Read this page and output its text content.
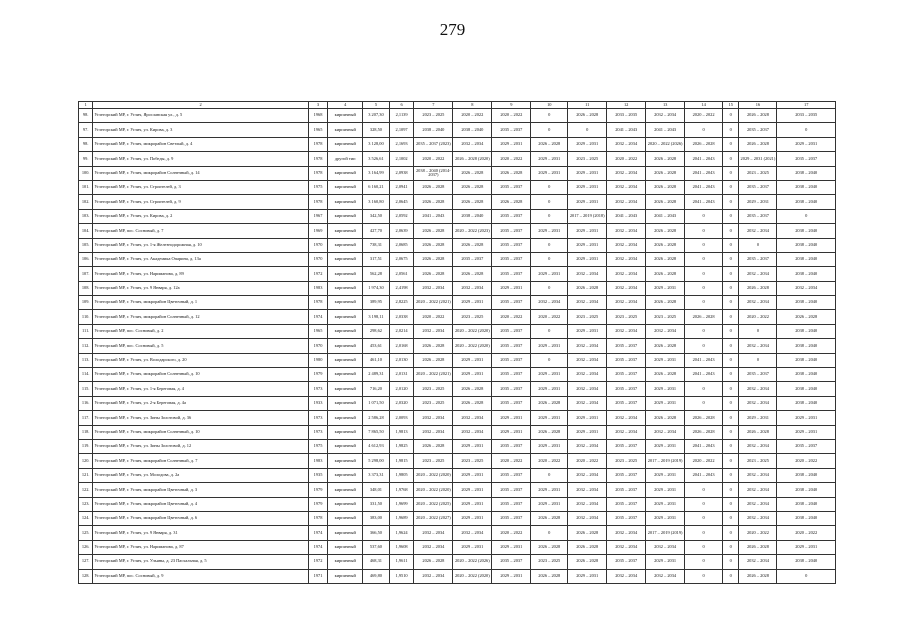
279
1	2	3	4	5	6	7	8	9	10	11	12	13	14	15	16	17
98.	Углегорский МР, г. Углич, Ярославская ул., д. 5	1968	кирпичный	3 207,30	2,1139	2023 – 2025	2020 – 2022	2020 – 2022	0	2026 – 2028	2033 – 2035	2032 – 2034	2020 – 2022	0	2026 – 2028	2033 – 2035
97.	Углегорский МР, г. Углич, ул. Кирова, д. 3	1965	кирпичный	328,50	2,1097	2038 – 2040	2038 – 2040	2035 – 2037	0	0	2041 – 2043	2041 – 2043	0	0	2035 – 2037	0
98.	Углегорский МР, г. Углич, микрорайон Светлый, д. 4	1978	кирпичный	3 128,00	2,1693	2035 – 2037 (2023)	2032 – 2034	2029 – 2031	2026 – 2028	2029 – 2031	2032 – 2034	2020 – 2022 (2026)	2026 – 2028	0	2026 – 2028	2029 – 2031
99.	Углегорский МР, г. Углич, ул. Победы, д. 9	1978	другой тип	3 526,61	2,1002	2020 – 2022	2026 – 2028 (2020)	2020 – 2022	2029 – 2031	2023 – 2025	2020 – 2022	2026 – 2028	2041 – 2043	0	2029 – 2031 (2021)	2035 – 2037
100.	Углегорский МР, г. Углич, микрорайон Солнечный, д. 14	1978	кирпичный	3 164,99	2,0938	2038 – 2040 (2014-2037)	2026 – 2028	2026 – 2028	2029 – 2031	2029 – 2031	2032 – 2034	2026 – 2028	2041 – 2043	0	2023 – 2025	2038 – 2040
101.	Углегорский МР, г. Углич, ул. Строителей, д. 3	1975	кирпичный	6 160,21	2,0941	2026 – 2028	2026 – 2028	2035 – 2037	0	2029 – 2031	2032 – 2034	2026 – 2028	2041 – 2043	0	2035 – 2037	2038 – 2040
102.	Углегорский МР, г. Углич, ул. Строителей, д. 9	1978	кирпичный	3 160,80	2,0645	2026 – 2028	2026 – 2028	2026 – 2028	0	2029 – 2031	2032 – 2034	2026 – 2028	2041 – 2043	0	2029 – 2031	2038 – 2040
103.	Углегорский МР, г. Углич, ул. Кирова, д. 2	1967	кирпичный	342,50	2,0592	2041 – 2043	2038 – 2040	2035 – 2037	0	2017 – 2019 (2018)	2041 – 2043	2041 – 2043	0	0	2035 – 2037	0
104.	Углегорский МР, пос. Сосновый, д. 7	1969	кирпичный	427,70	2,0639	2026 – 2028	2020 – 2022 (2023)	2035 – 2037	2029 – 2031	2029 – 2031	2032 – 2034	2026 – 2028	0	0	2032 – 2034	2038 – 2040
105.	Углегорский МР, г. Углич, ул. 1-я Железнодорожная, д. 10	1970	кирпичный	738,31	2,0685	2026 – 2028	2026 – 2028	2035 – 2037	0	2029 – 2031	2032 – 2034	2026 – 2028	0	0	0	2038 – 2040
106.	Углегорский МР, г. Углич, ул. Академика Опарина, д. 13а	1970	кирпичный	317,51	2,0675	2026 – 2028	2035 – 2037	2035 – 2037	0	2029 – 2031	2032 – 2034	2026 – 2028	0	0	2035 – 2037	2038 – 2040
107.	Углегорский МР, г. Углич, ул. Нариманова, д. 89	1972	кирпичный	562,28	2,0561	2026 – 2028	2026 – 2028	2035 – 2037	2029 – 2031	2032 – 2034	2032 – 2034	2026 – 2028	0	0	2032 – 2034	2038 – 2040
108.	Углегорский МР, г. Углич, ул. 9 Января, д. 12а	1983	кирпичный	1 974,30	2,4198	2032 – 2034	2032 – 2034	2029 – 2031	0	2026 – 2028	2032 – 2034	2029 – 2031	0	0	2026 – 2028	2032 – 2034
109.	Углегорский МР, г. Углич, микрорайон Цветочный, д. 1	1978	кирпичный	389,95	2,8225	2020 – 2022 (2021)	2029 – 2031	2035 – 2037	2032 – 2034	2032 – 2034	2032 – 2034	2026 – 2028	0	0	2032 – 2034	2038 – 2040
110.	Углегорский МР, г. Углич, микрорайон Солнечный, д. 12	1974	кирпичный	3 198,11	2,0338	2020 – 2022	2023 – 2025	2020 – 2022	2020 – 2022	2023 – 2025	2023 – 2025	2023 – 2025	2026 – 2028	0	2020 – 2022	2026 – 2028
111.	Углегорский МР, пос. Сосновый, д. 2	1965	кирпичный	298,62	2,0214	2032 – 2034	2020 – 2022 (2020)	2035 – 2037	0	2029 – 2031	2032 – 2034	2032 – 2034	0	0	0	2038 – 2040
112.	Углегорский МР, пос. Сосновый, д. 5	1970	кирпичный	453,61	2,0168	2026 – 2028	2020 – 2022 (2020)	2035 – 2037	2029 – 2031	2032 – 2034	2035 – 2037	2026 – 2028	0	0	2032 – 2034	2038 – 2040
113.	Углегорский МР, г. Углич, ул. Володарского, д. 20	1980	кирпичный	461,10	2,0130	2026 – 2028	2029 – 2031	2035 – 2037	0	2032 – 2034	2035 – 2037	2029 – 2031	2041 – 2043	0	0	2038 – 2040
114.	Углегорский МР, г. Углич, микрорайон Солнечный, д. 10	1979	кирпичный	2 489,31	2,0131	2020 – 2022 (2021)	2029 – 2031	2035 – 2037	2029 – 2031	2032 – 2034	2035 – 2037	2026 – 2028	2041 – 2043	0	2035 – 2037	2038 – 2040
115.	Углегорский МР, г. Углич, ул. 1-я Береговая, д. 4	1973	кирпичный	716,20	2,0120	2023 – 2025	2026 – 2028	2035 – 2037	2029 – 2031	2032 – 2034	2035 – 2037	2029 – 2031	0	0	2032 – 2034	2038 – 2040
116.	Углегорский МР, г. Углич, ул. 2-я Береговая, д. 4а	1933	кирпичный	1 071,50	2,0320	2023 – 2025	2026 – 2028	2035 – 2037	2026 – 2028	2032 – 2034	2035 – 2037	2029 – 2031	0	0	2032 – 2034	2038 – 2040
117.	Углегорский МР, г. Углич, ул. Зины Золотовой, д. 36	1973	кирпичный	2 586,28	2,0093	2032 – 2034	2032 – 2034	2029 – 2031	2029 – 2031	2029 – 2031	2032 – 2034	2026 – 2028	2026 – 2028	0	2029 – 2031	2029 – 2031
118.	Углегорский МР, г. Углич, микрорайон Солнечный, д. 10	1973	кирпичный	7 865,50	1,9813	2032 – 2034	2032 – 2034	2029 – 2031	2026 – 2028	2029 – 2031	2032 – 2034	2032 – 2034	2026 – 2028	0	2026 – 2028	2029 – 2031
119.	Углегорский МР, г. Углич, ул. Зины Золотовой, д. 12	1975	кирпичный	4 612,93	1,9825	2026 – 2028	2029 – 2031	2035 – 2037	2029 – 2031	2032 – 2034	2035 – 2037	2029 – 2031	2041 – 2043	0	2032 – 2034	2035 – 2037
120.	Углегорский МР, г. Углич, микрорайон Солнечный, д. 7	1983	кирпичный	5 298,00	1,9815	2023 – 2025	2023 – 2025	2020 – 2022	2020 – 2022	2020 – 2022	2023 – 2025	2017 – 2019 (2019)	2020 – 2022	0	2023 – 2025	2020 – 2022
121.	Углегорский МР, г. Углич, ул. Молодова, д. 2а	1935	кирпичный	3 373,31	1,9805	2020 – 2022 (2020)	2029 – 2031	2035 – 2037	0	2032 – 2034	2035 – 2037	2029 – 2031	2041 – 2043	0	2032 – 2034	2038 – 2040
122.	Углегорский МР, г. Углич, микрорайон Цветочный, д. 3	1979	кирпичный	348,01	1,9768	2020 – 2022 (2020)	2029 – 2031	2035 – 2037	2029 – 2031	2032 – 2034	2035 – 2037	2029 – 2031	0	0	2032 – 2034	2038 – 2040
123.	Углегорский МР, г. Углич, микрорайон Цветочный, д. 4	1979	кирпичный	331,50	1,9699	2020 – 2022 (2025)	2029 – 2031	2035 – 2037	2029 – 2031	2032 – 2034	2035 – 2037	2029 – 2031	0	0	2032 – 2034	2038 – 2040
124.	Углегорский МР, г. Углич, микрорайон Цветочный, д. 6	1978	кирпичный	383,00	1,9689	2020 – 2022 (2027)	2029 – 2031	2035 – 2037	2026 – 2028	2032 – 2034	2035 – 2037	2029 – 2031	0	0	2032 – 2034	2038 – 2040
125.	Углегорский МР, г. Углич, ул. 9 Января, д. 31	1974	кирпичный	366,50	1,9624	2032 – 2034	2032 – 2034	2020 – 2022	0	2026 – 2028	2032 – 2034	2017 – 2019 (2019)	0	0	2020 – 2022	2020 – 2022
126.	Углегорский МР, г. Углич, ул. Нариманова, д. 87	1974	кирпичный	537,60	1,9608	2032 – 2034	2029 – 2031	2029 – 2031	2026 – 2028	2026 – 2028	2032 – 2034	2032 – 2034	0	0	2026 – 2028	2029 – 2031
127.	Углегорский МР, г. Углич, ул. Ульяны, д. 23 Пасхальная, д. 5	1972	кирпичный	468,31	1,9611	2026 – 2028	2020 – 2022 (2026)	2035 – 2037	2023 – 2025	2026 – 2028	2035 – 2037	2029 – 2031	0	0	2032 – 2034	2038 – 2040
128.	Углегорский МР, пос. Сосновый, д. 9	1971	кирпичный	469,80	1,9510	2032 – 2034	2020 – 2022 (2020)	2029 – 2031	2026 – 2028	2029 – 2031	2032 – 2034	2032 – 2034	0	0	2026 – 2028	0
